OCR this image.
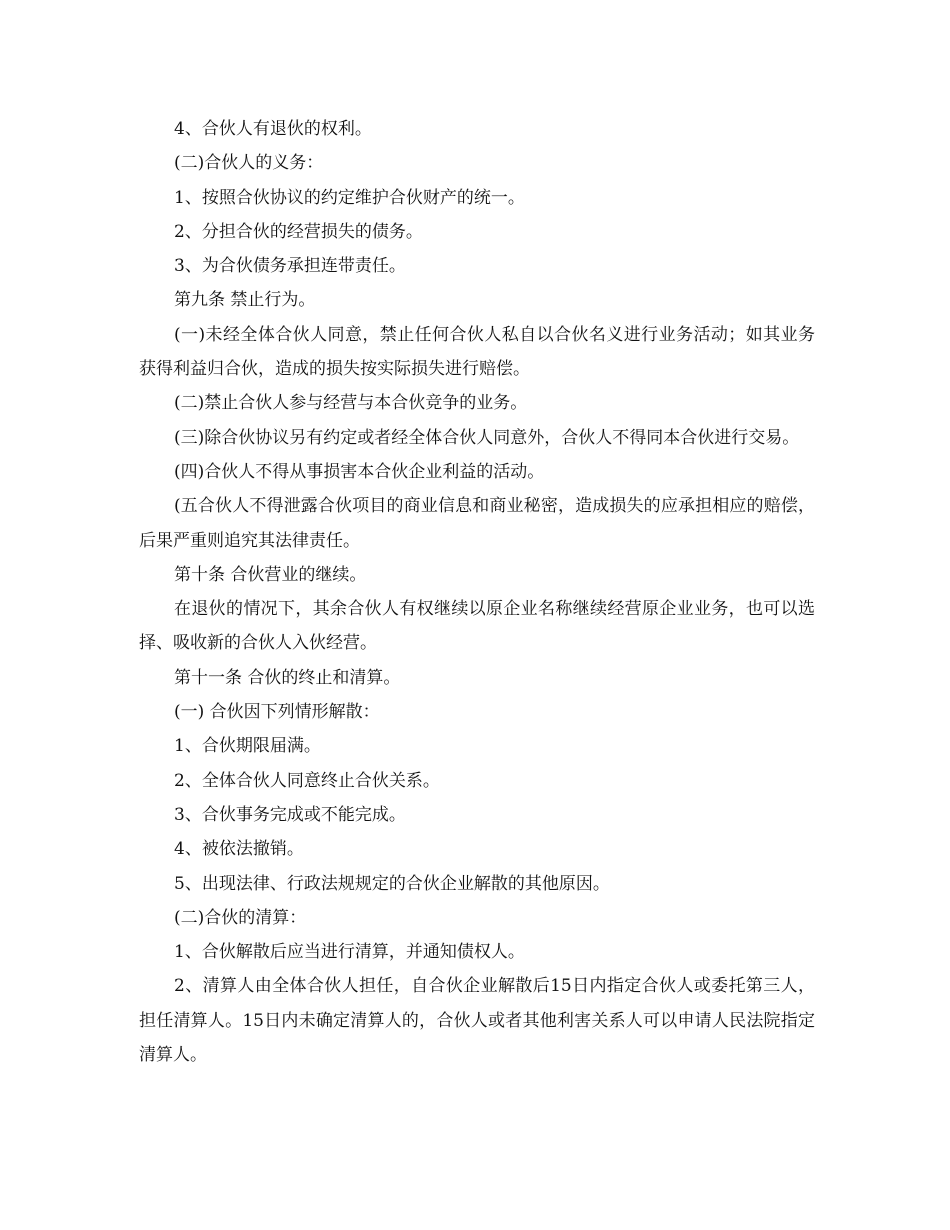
4、合伙人有退伙的权利。

(二)合伙人的义务：

1、按照合伙协议的约定维护合伙财产的统一。

2、分担合伙的经营损失的债务。

3、为合伙债务承担连带责任。

第九条 禁止行为。

(一)未经全体合伙人同意，禁止任何合伙人私自以合伙名义进行业务活动；如其业务获得利益归合伙，造成的损失按实际损失进行赔偿。

(二)禁止合伙人参与经营与本合伙竞争的业务。

(三)除合伙协议另有约定或者经全体合伙人同意外，合伙人不得同本合伙进行交易。

(四)合伙人不得从事损害本合伙企业利益的活动。

(五合伙人不得泄露合伙项目的商业信息和商业秘密，造成损失的应承担相应的赔偿，后果严重则追究其法律责任。

第十条 合伙营业的继续。

在退伙的情况下，其余合伙人有权继续以原企业名称继续经营原企业业务，也可以选择、吸收新的合伙人入伙经营。

第十一条 合伙的终止和清算。

(一) 合伙因下列情形解散：

1、合伙期限届满。

2、全体合伙人同意终止合伙关系。

3、合伙事务完成或不能完成。

4、被依法撤销。

5、出现法律、行政法规规定的合伙企业解散的其他原因。

(二)合伙的清算：

1、合伙解散后应当进行清算，并通知债权人。

2、清算人由全体合伙人担任，自合伙企业解散后15日内指定合伙人或委托第三人，担任清算人。15日内未确定清算人的，合伙人或者其他利害关系人可以申请人民法院指定清算人。
